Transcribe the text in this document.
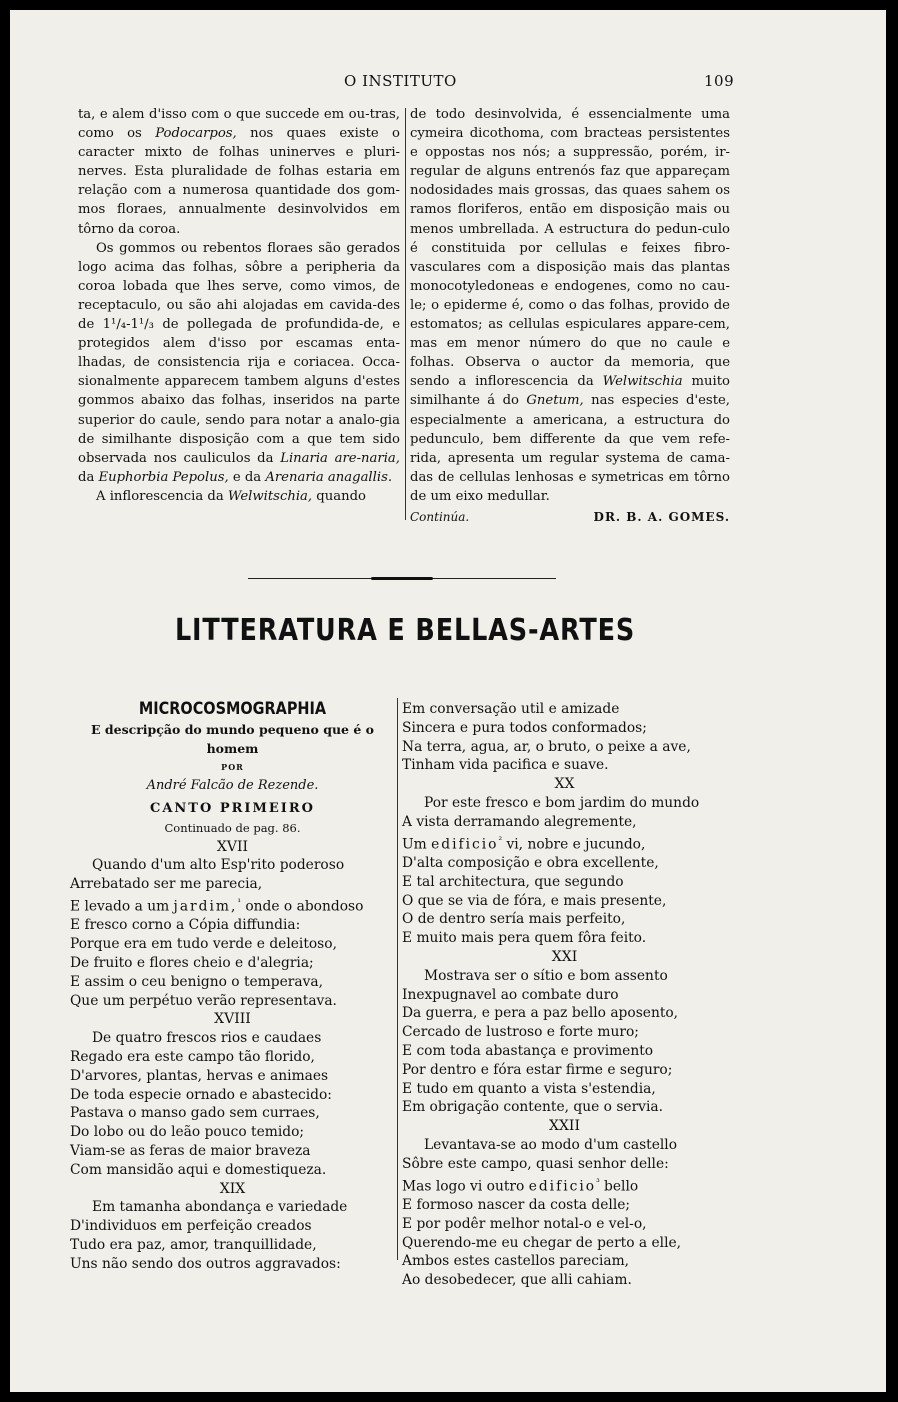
O INSTITUTO	109

ta, e alem d'isso com o que succede em ou-tras, como os Podocarpos, nos quaes existe o caracter mixto de folhas uninerves e pluri-nerves. Esta pluralidade de folhas estaria em relação com a numerosa quantidade dos gom-mos floraes, annualmente desinvolvidos em tôrno da coroa.

Os gommos ou rebentos floraes são gerados logo acima das folhas, sôbre a peripheria da coroa lobada que lhes serve, como vimos, de receptaculo, ou são ahi alojadas em cavida-des de 1¹/₄-1¹/₃ de pollegada de profundida-de, e protegidos alem d'isso por escamas enta-lhadas, de consistencia rija e coriacea. Occa-sionalmente apparecem tambem alguns d'estes gommos abaixo das folhas, inseridos na parte superior do caule, sendo para notar a analo-gia de similhante disposição com a que tem sido observada nos cauliculos da Linaria are-naria, da Euphorbia Pepolus, e da Arenaria anagallis.

A inflorescencia da Welwitschia, quando

de todo desinvolvida, é essencialmente uma cymeira dicothoma, com bracteas persistentes e oppostas nos nós; a suppressão, porém, ir-regular de alguns entrenós faz que appareçam nodosidades mais grossas, das quaes sahem os ramos floriferos, então em disposição mais ou menos umbrellada. A estructura do pedun-culo é constituida por cellulas e feixes fibro-vasculares com a disposição mais das plantas monocotyledoneas e endogenes, como no cau-le; o epiderme é, como o das folhas, provido de estomatos; as cellulas espiculares appare-cem, mas em menor número do que no caule e folhas. Observa o auctor da memoria, que sendo a inflorescencia da Welwitschia muito similhante á do Gnetum, nas especies d'este, especialmente a americana, a estructura do pedunculo, bem differente da que vem refe-rida, apresenta um regular systema de cama-das de cellulas lenhosas e symetricas em tôrno de um eixo medullar.

Continúa.	DR. B. A. GOMES.
LITTERATURA E BELLAS-ARTES
MICROCOSMOGRAPHIA
E descripção do mundo pequeno que é o homem
POR
André Falcão de Rezende.
CANTO PRIMEIRO
Continuado de pag. 86.
XVII
Quando d'um alto Esp'rito poderoso
Arrebatado ser me parecia,
E levado a um jardim,$^{^1}$ onde o abondoso
E fresco corno a Cópia diffundia:
Porque era em tudo verde e deleitoso,
De fruito e flores cheio e d'alegria;
E assim o ceu benigno o temperava,
Que um perpétuo verão representava.
XVIII
De quatro frescos rios e caudaes
Regado era este campo tão florido,
D'arvores, plantas, hervas e animaes
De toda especie ornado e abastecido:
Pastava o manso gado sem curraes,
Do lobo ou do leão pouco temido;
Viam-se as feras de maior braveza
Com mansidão aqui e domestiqueza.
XIX
Em tamanha abondança e variedade
D'individuos em perfeição creados
Tudo era paz, amor, tranquillidade,
Uns não sendo dos outros aggravados:
Em conversação util e amizade
Sincera e pura todos conformados;
Na terra, agua, ar, o bruto, o peixe a ave,
Tinham vida pacifica e suave.
XX
Por este fresco e bom jardim do mundo
A vista derramando alegremente,
Um edificio$^{^2}$ vi, nobre e jucundo,
D'alta composição e obra excellente,
E tal architectura, que segundo
O que se via de fóra, e mais presente,
O de dentro sería mais perfeito,
E muito mais pera quem fôra feito.
XXI
Mostrava ser o sítio e bom assento
Inexpugnavel ao combate duro
Da guerra, e pera a paz bello aposento,
Cercado de lustroso e forte muro;
E com toda abastança e provimento
Por dentro e fóra estar firme e seguro;
E tudo em quanto a vista s'estendia,
Em obrigação contente, que o servia.
XXII
Levantava-se ao modo d'um castello
Sôbre este campo, quasi senhor delle:
Mas logo vi outro edificio$^{^3}$ bello
E formoso nascer da costa delle;
E por podêr melhor notal-o e vel-o,
Querendo-me eu chegar de perto a elle,
Ambos estes castellos pareciam,
Ao desobedecer, que alli cahiam.
